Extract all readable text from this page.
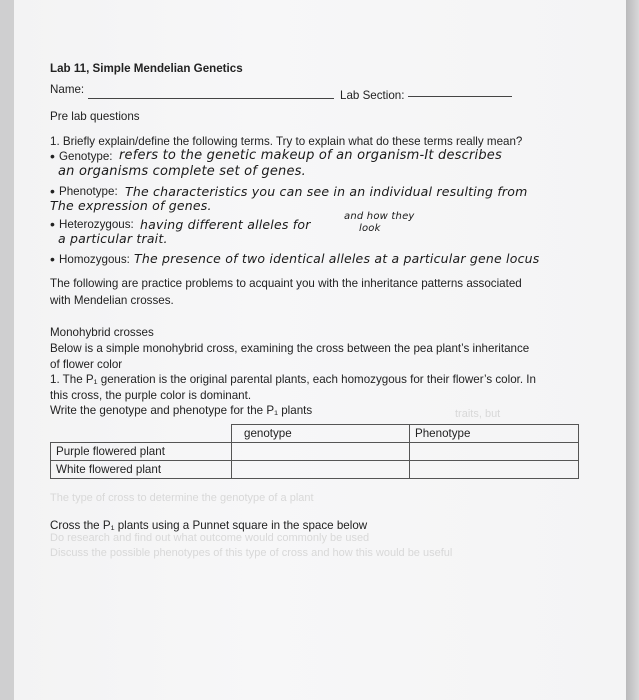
Lab 11, Simple Mendelian Genetics
Name:	Lab Section:
Pre lab questions
1. Briefly explain/define the following terms. Try to explain what do these terms really mean?
• Genotype: refers to the genetic makeup of an organism-It describes
an organisms complete set of genes.
• Phenotype: The characteristics you can see in an individual resulting from
The expression of genes.
• Heterozygous:
and how they
look
having different alleles for
a particular trait.
• Homozygous: The presence of two identical alleles at a particular gene locus
The following are practice problems to acquaint you with the inheritance patterns associated
with Mendelian crosses.
Monohybrid crosses
Below is a simple monohybrid cross, examining the cross between the pea plant’s inheritance
of flower color
1. The P₁ generation is the original parental plants, each homozygous for their flower’s color. In
this cross, the purple color is dominant.
Write the genotype and phenotype for the P₁ plants	traits, but
	genotype	Phenotype
Purple flowered plant		
White flowered plant		
The type of cross to determine the genotype of a plant
Cross the P₁ plants using a Punnet square in the space below
Do research and find out what outcome would commonly be used
Discuss the possible phenotypes of this type of cross and how this would be useful
